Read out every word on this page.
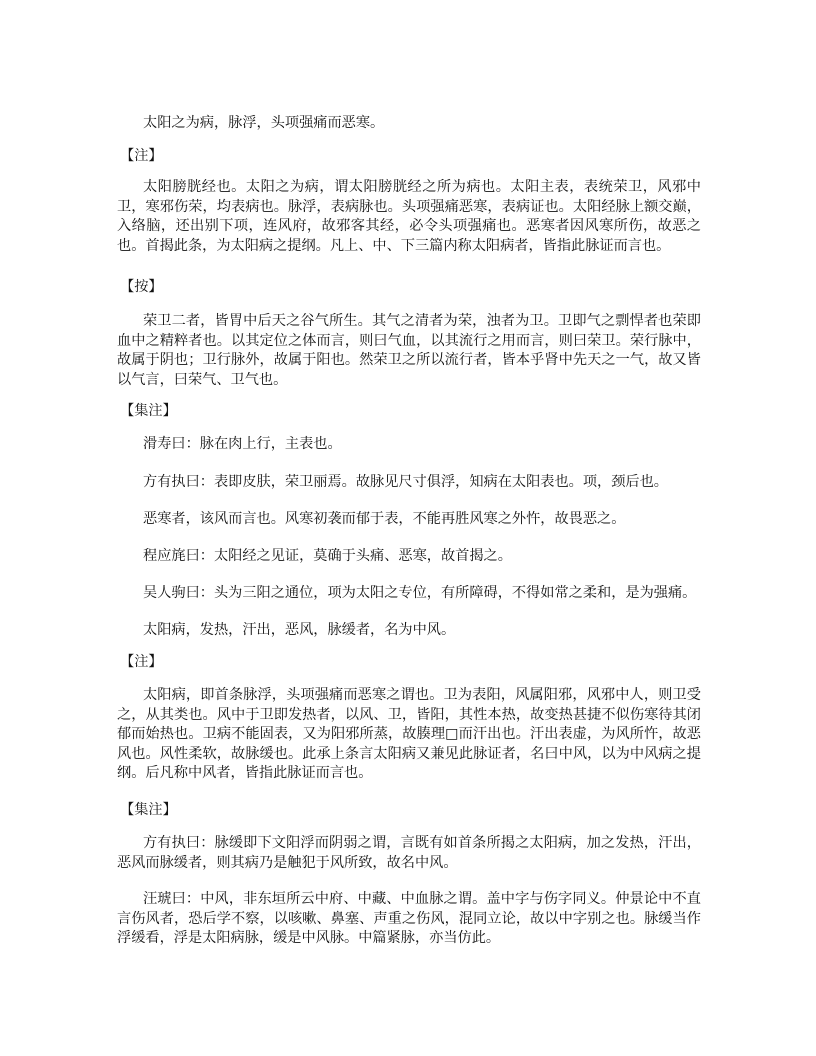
太阳之为病，脉浮，头项强痛而恶寒。
【注】
太阳膀胱经也。太阳之为病，谓太阳膀胱经之所为病也。太阳主表，表统荣卫，风邪中卫，寒邪伤荣，均表病也。脉浮，表病脉也。头项强痛恶寒，表病证也。太阳经脉上额交巅，入络脑，还出别下项，连风府，故邪客其经，必令头项强痛也。恶寒者因风寒所伤，故恶之也。首揭此条，为太阳病之提纲。凡上、中、下三篇内称太阳病者，皆指此脉证而言也。
【按】
荣卫二者，皆胃中后天之谷气所生。其气之清者为荣，浊者为卫。卫即气之剽悍者也荣即血中之精粹者也。以其定位之体而言，则曰气血，以其流行之用而言，则曰荣卫。荣行脉中，故属于阴也；卫行脉外，故属于阳也。然荣卫之所以流行者，皆本乎肾中先天之一气，故又皆以气言，曰荣气、卫气也。
【集注】
滑寿曰：脉在肉上行，主表也。
方有执曰：表即皮肤，荣卫丽焉。故脉见尺寸俱浮，知病在太阳表也。项，颈后也。
恶寒者，该风而言也。风寒初袭而郁于表，不能再胜风寒之外忤，故畏恶之。
程应旄曰：太阳经之见证，莫确于头痛、恶寒，故首揭之。
吴人驹曰：头为三阳之通位，项为太阳之专位，有所障碍，不得如常之柔和，是为强痛。
太阳病，发热，汗出，恶风，脉缓者，名为中风。
【注】
太阳病，即首条脉浮，头项强痛而恶寒之谓也。卫为表阳，风属阳邪，风邪中人，则卫受之，从其类也。风中于卫即发热者，以风、卫，皆阳，其性本热，故变热甚捷不似伤寒待其闭郁而始热也。卫病不能固表，又为阳邪所蒸，故腠理□而汗出也。汗出表虚，为风所忤，故恶风也。风性柔软，故脉缓也。此承上条言太阳病又兼见此脉证者，名曰中风，以为中风病之提纲。后凡称中风者，皆指此脉证而言也。
【集注】
方有执曰：脉缓即下文阳浮而阴弱之谓，言既有如首条所揭之太阳病，加之发热，汗出，恶风而脉缓者，则其病乃是触犯于风所致，故名中风。
汪琥曰：中风，非东垣所云中府、中藏、中血脉之谓。盖中字与伤字同义。仲景论中不直言伤风者，恐后学不察，以咳嗽、鼻塞、声重之伤风，混同立论，故以中字别之也。脉缓当作浮缓看，浮是太阳病脉，缓是中风脉。中篇紧脉，亦当仿此。
